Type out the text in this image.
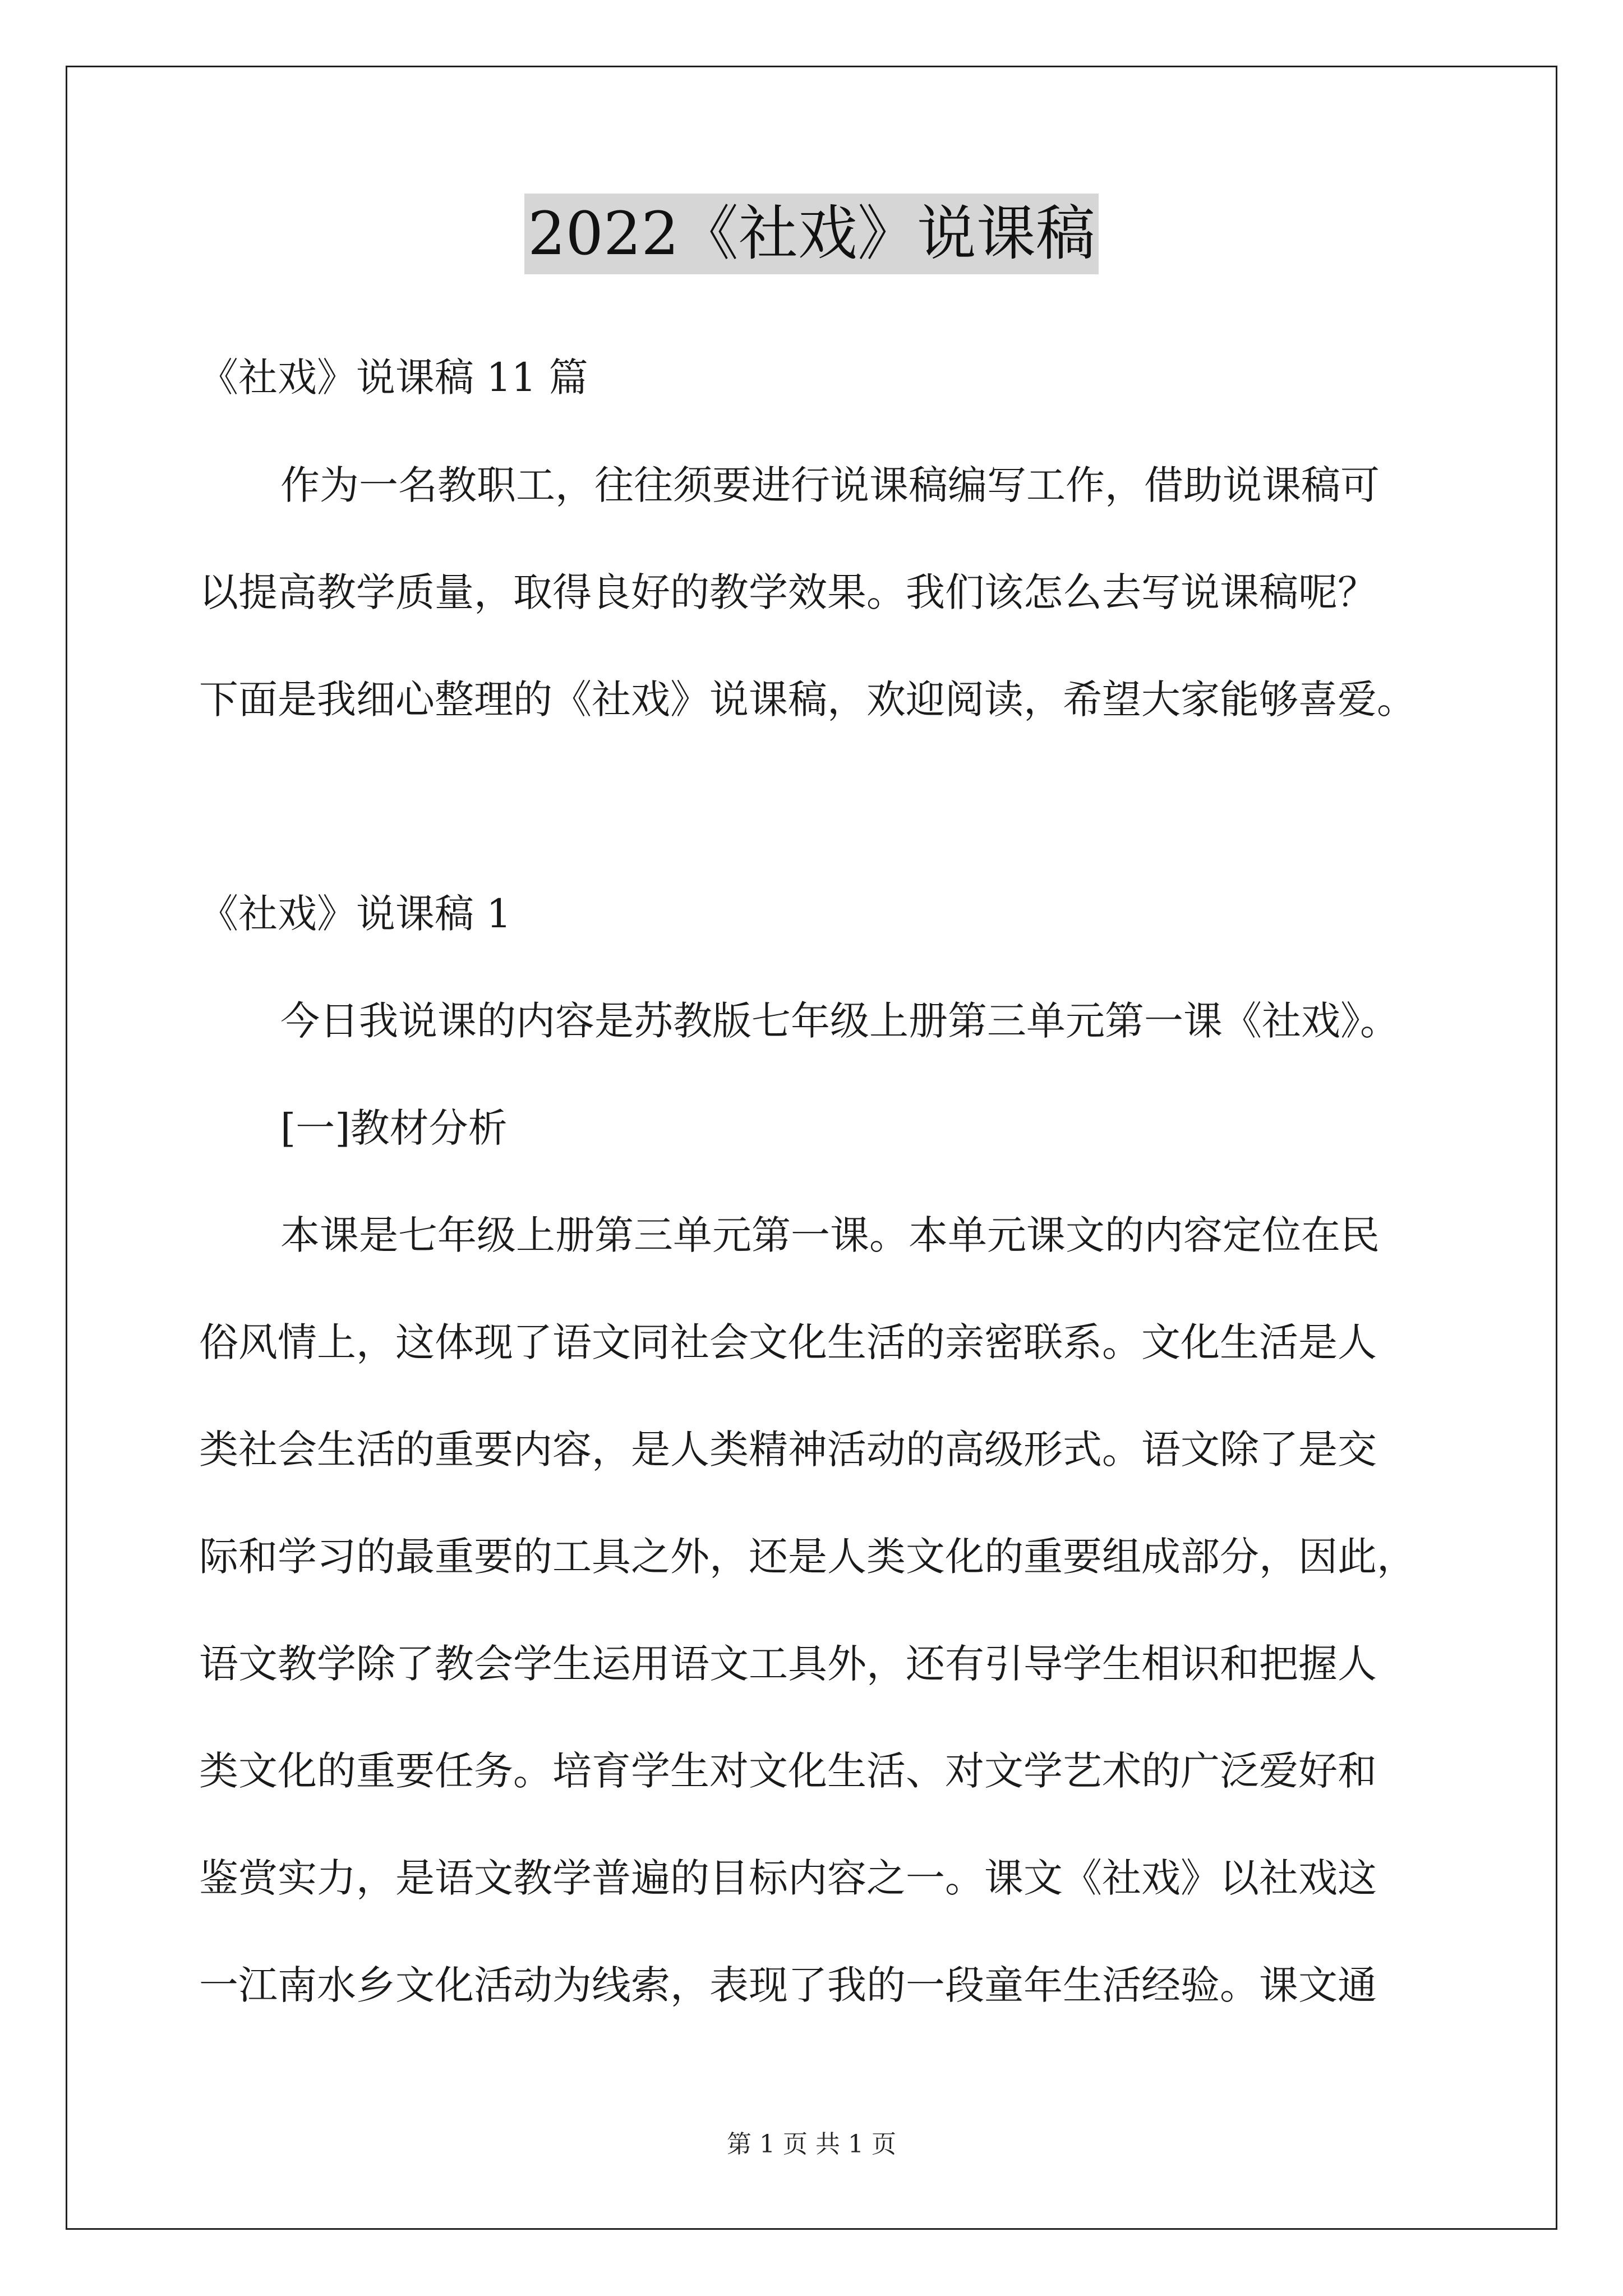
2022《社戏》说课稿
《社戏》说课稿 11 篇
作为一名教职工，往往须要进行说课稿编写工作，借助说课稿可
以提高教学质量，取得良好的教学效果。我们该怎么去写说课稿呢？
下面是我细心整理的《社戏》说课稿，欢迎阅读，希望大家能够喜爱。
《社戏》说课稿 1
今日我说课的内容是苏教版七年级上册第三单元第一课《社戏》。
[一]教材分析
本课是七年级上册第三单元第一课。本单元课文的内容定位在民
俗风情上，这体现了语文同社会文化生活的亲密联系。文化生活是人
类社会生活的重要内容，是人类精神活动的高级形式。语文除了是交
际和学习的最重要的工具之外，还是人类文化的重要组成部分，因此，
语文教学除了教会学生运用语文工具外，还有引导学生相识和把握人
类文化的重要任务。培育学生对文化生活、对文学艺术的广泛爱好和
鉴赏实力，是语文教学普遍的目标内容之一。课文《社戏》以社戏这
一江南水乡文化活动为线索，表现了我的一段童年生活经验。课文通
第 1 页 共 1 页
